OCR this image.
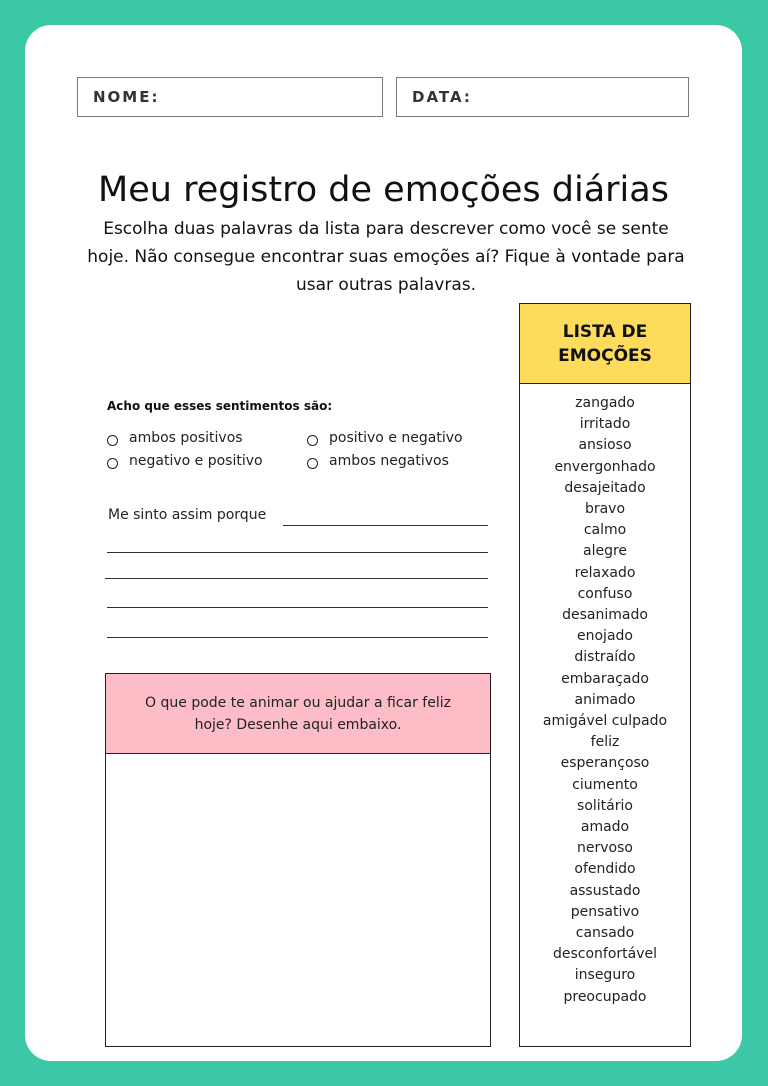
NOME:	DATA:
Meu registro de emoções diárias
Escolha duas palavras da lista para descrever como você se sente hoje. Não consegue encontrar suas emoções aí? Fique à vontade para usar outras palavras.
Acho que esses sentimentos são:
ambos positivos	positivo e negativo
negativo e positivo	ambos negativos
Me sinto assim porque
O que pode te animar ou ajudar a ficar feliz hoje? Desenhe aqui embaixo.
LISTA DE EMOÇÕES
zangado
irritado
ansioso
envergonhado
desajeitado
bravo
calmo
alegre
relaxado
confuso
desanimado
enojado
distraído
embaraçado
animado
amigável culpado
feliz
esperançoso
ciumento
solitário
amado
nervoso
ofendido
assustado
pensativo
cansado
desconfortável
inseguro
preocupado
